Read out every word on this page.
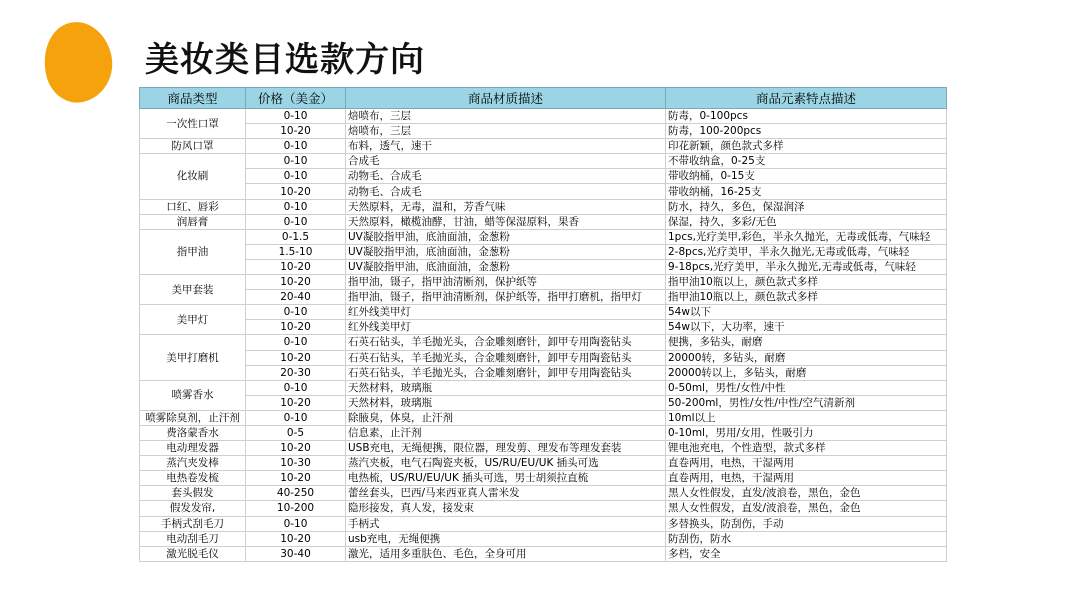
美妆类目选款方向
商品类型	价格（美金）	商品材质描述	商品元素特点描述
一次性口罩	0-10	焙喷布，三层	防毒，0-100pcs
	10-20	焙喷布，三层	防毒，100-200pcs
防风口罩	0-10	布料，透气，速干	印花新颖，颜色款式多样
化妆刷	0-10	合成毛	不带收纳盒，0-25支
	0-10	动物毛、合成毛	带收纳桶，0-15支
	10-20	动物毛、合成毛	带收纳桶，16-25支
口红、唇彩	0-10	天然原料，无毒，温和，芳香气味	防水，持久，多色，保湿润泽
润唇膏	0-10	天然原料，橄榄油酵，甘油，蜡等保湿原料，果香	保湿，持久，多彩/无色
指甲油	0-1.5	UV凝胶指甲油，底油面油，金葱粉	1pcs,光疗美甲,彩色，半永久抛光，无毒或低毒，气味轻
	1.5-10	UV凝胶指甲油，底油面油，金葱粉	2-8pcs,光疗美甲，半永久抛光,无毒或低毒，气味轻
	10-20	UV凝胶指甲油，底油面油，金葱粉	9-18pcs,光疗美甲，半永久抛光,无毒或低毒，气味轻
美甲套装	10-20	指甲油，镊子，指甲油清断剂，保护纸等	指甲油10瓶以上，颜色款式多样
	20-40	指甲油，镊子，指甲油清断剂，保护纸等，指甲打磨机，指甲灯	指甲油10瓶以上，颜色款式多样
美甲灯	0-10	红外线美甲灯	54w以下
	10-20	红外线美甲灯	54w以下，大功率，速干
美甲打磨机	0-10	石英石钻头，羊毛抛光头，合金雕刻磨针，卸甲专用陶瓷钻头	便携，多钻头，耐磨
	10-20	石英石钻头，羊毛抛光头，合金雕刻磨针，卸甲专用陶瓷钻头	20000转，多钻头，耐磨
	20-30	石英石钻头，羊毛抛光头，合金雕刻磨针，卸甲专用陶瓷钻头	20000转以上，多钻头，耐磨
喷雾香水	0-10	天然材料，玻璃瓶	0-50ml，男性/女性/中性
	10-20	天然材料，玻璃瓶	50-200ml，男性/女性/中性/空气清新剂
喷雾除臭剂，止汗剂	0-10	除腋臭，体臭，止汗剂	10ml以上
费洛蒙香水	0-5	信息素，止汗剂	0-10ml，男用/女用，性吸引力
电动理发器	10-20	USB充电，无绳便携，限位器，理发剪、理发布等理发套装	锂电池充电，个性造型，款式多样
蒸汽夹发棒	10-30	蒸汽夹板，电气石陶瓷夹板，US/RU/EU/UK 插头可选	直卷两用，电热，干湿两用
电热卷发梳	10-20	电热梳，US/RU/EU/UK 插头可选，男士胡须拉直梳	直卷两用，电热，干湿两用
套头假发	40-250	蕾丝套头，巴西/马来西亚真人雷米发	黑人女性假发，直发/波浪卷，黑色，金色
假发发帘,	10-200	隐形接发，真人发，接发束	黑人女性假发，直发/波浪卷，黑色，金色
手柄式刮毛刀	0-10	手柄式	多替换头，防刮伤，手动
电动刮毛刀	10-20	usb充电，无绳便携	防刮伤，防水
激光脱毛仪	30-40	激光，适用多重肤色、毛色，全身可用	多档，安全
